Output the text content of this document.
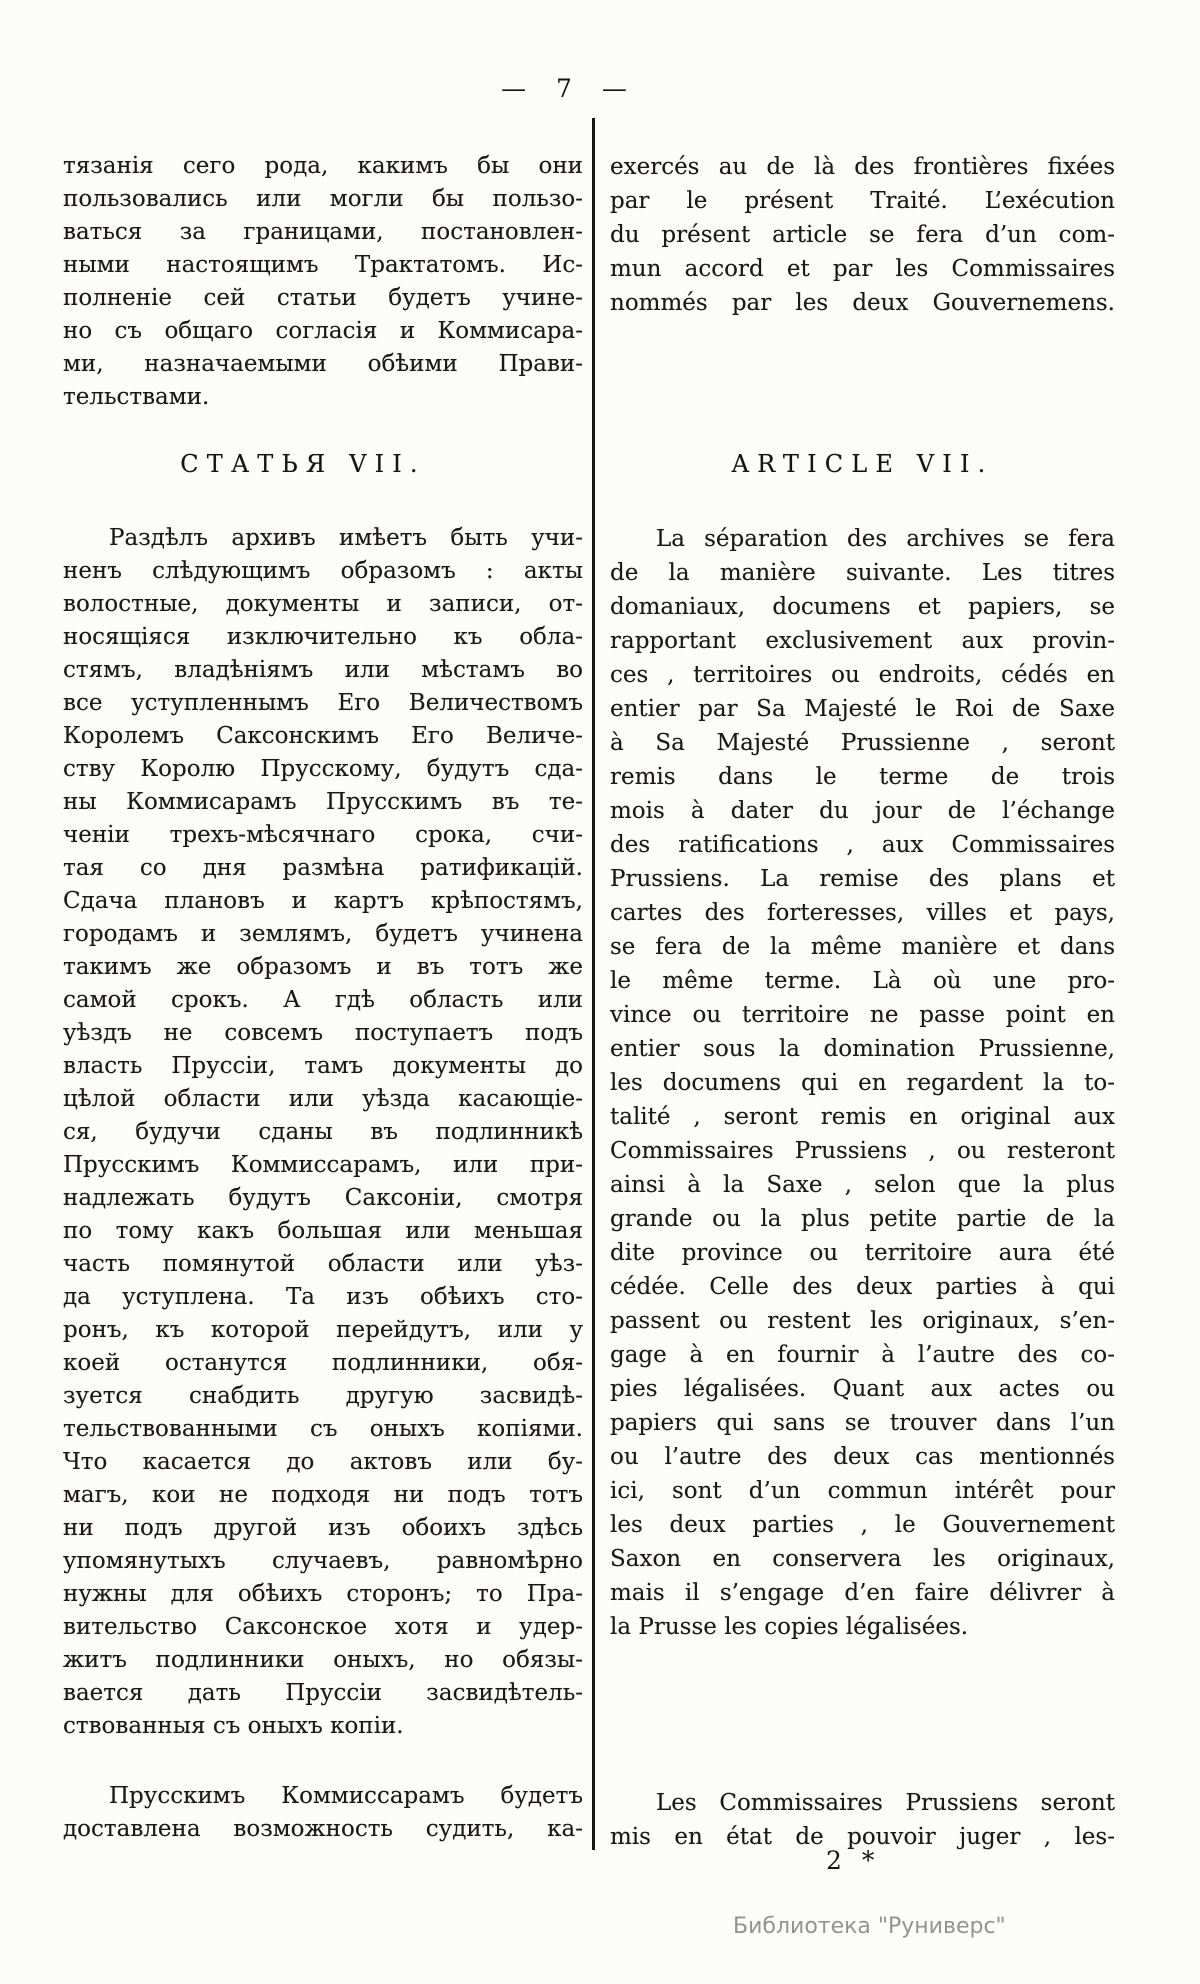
— 7 —
тязанія сего рода, какимъ бы они
пользовались или могли бы пользо-
ваться за границами, постановлен-
ными настоящимъ Трактатомъ. Ис-
полненіе сей статьи будетъ учине-
но съ общаго согласія и Коммисара-
ми, назначаемыми обѣими Прави-
тельствами.
СТАТЬЯ VII.
Раздѣлъ архивъ имѣетъ быть учи-
ненъ слѣдующимъ образомъ : акты
волостные, документы и записи, от-
носящіяся изключительно къ обла-
стямъ, владѣніямъ или мѣстамъ во
все уступленнымъ Его Величествомъ
Королемъ Саксонскимъ Его Величе-
ству Королю Прусскому, будутъ сда-
ны Коммисарамъ Прусскимъ въ те-
ченіи трехъ-мѣсячнаго срока, счи-
тая со дня размѣна ратификацій.
Сдача плановъ и картъ крѣпостямъ,
городамъ и землямъ, будетъ учинена
такимъ же образомъ и въ тотъ же
самой срокъ. А гдѣ область или
уѣздъ не совсемъ поступаетъ подъ
власть Пруссіи, тамъ документы до
цѣлой области или уѣзда касающіе-
ся, будучи сданы въ подлинникѣ
Прусскимъ Коммиссарамъ, или при-
надлежать будутъ Саксоніи, смотря
по тому какъ большая или меньшая
часть помянутой области или уѣз-
да уступлена. Та изъ обѣихъ сто-
ронъ, къ которой перейдутъ, или у
коей останутся подлинники, обя-
зуется снабдить другую засвидѣ-
тельствованными съ оныхъ копіями.
Что касается до актовъ или бу-
магъ, кои не подходя ни подъ тотъ
ни подъ другой изъ обоихъ здѣсь
упомянутыхъ случаевъ, равномѣрно
нужны для обѣихъ сторонъ; то Пра-
вительство Саксонское хотя и удер-
житъ подлинники оныхъ, но обязы-
вается дать Пруссіи засвидѣтель-
ствованныя съ оныхъ копіи.
Прусскимъ Коммиссарамъ будетъ
доставлена возможность судить, ка-
exercés au de là des frontières fixées
par le présent Traité. L’exécution
du présent article se fera d’un com-
mun accord et par les Commissaires
nommés par les deux Gouvernemens.
ARTICLE VII.
La séparation des archives se fera
de la manière suivante. Les titres
domaniaux, documens et papiers, se
rapportant exclusivement aux provin-
ces , territoires ou endroits, cédés en
entier par Sa Majesté le Roi de Saxe
à Sa Majesté Prussienne , seront
remis dans le terme de trois
mois à dater du jour de l’échange
des ratifications , aux Commissaires
Prussiens. La remise des plans et
cartes des forteresses, villes et pays,
se fera de la même manière et dans
le même terme. Là où une pro-
vince ou territoire ne passe point en
entier sous la domination Prussienne,
les documens qui en regardent la to-
talité , seront remis en original aux
Commissaires Prussiens , ou resteront
ainsi à la Saxe , selon que la plus
grande ou la plus petite partie de la
dite province ou territoire aura été
cédée. Celle des deux parties à qui
passent ou restent les originaux, s’en-
gage à en fournir à l’autre des co-
pies légalisées. Quant aux actes ou
papiers qui sans se trouver dans l’un
ou l’autre des deux cas mentionnés
ici, sont d’un commun intérêt pour
les deux parties , le Gouvernement
Saxon en conservera les originaux,
mais il s’engage d’en faire délivrer à
la Prusse les copies légalisées.
Les Commissaires Prussiens seront
mis en état de pouvoir juger , les-
2 *
Библиотека "Руниверс"
